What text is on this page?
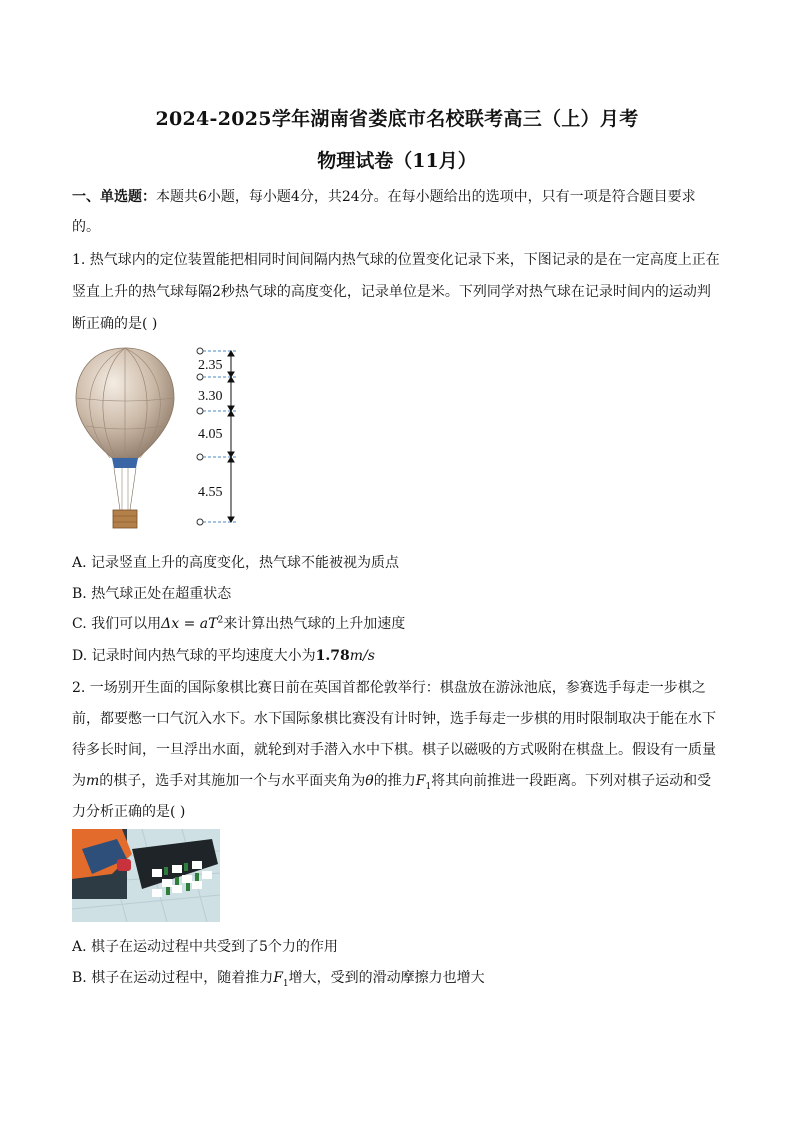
2024-2025学年湖南省娄底市名校联考高三（上）月考
物理试卷（11月）
一、单选题：本题共6小题，每小题4分，共24分。在每小题给出的选项中，只有一项是符合题目要求
的。
1. 热气球内的定位装置能把相同时间间隔内热气球的位置变化记录下来，下图记录的是在一定高度上正在
竖直上升的热气球每隔2秒热气球的高度变化，记录单位是米。下列同学对热气球在记录时间内的运动判
断正确的是( )
2.35
3.30
4.05
4.55
A. 记录竖直上升的高度变化，热气球不能被视为质点
B. 热气球正处在超重状态
C. 我们可以用$\Delta x = aT^2$来计算出热气球的上升加速度
D. 记录时间内热气球的平均速度大小为1.78m/s
2. 一场别开生面的国际象棋比赛日前在英国首都伦敦举行：棋盘放在游泳池底，参赛选手每走一步棋之
前，都要憋一口气沉入水下。水下国际象棋比赛没有计时钟，选手每走一步棋的用时限制取决于能在水下
待多长时间，一旦浮出水面，就轮到对手潜入水中下棋。棋子以磁吸的方式吸附在棋盘上。假设有一质量
为m的棋子，选手对其施加一个与水平面夹角为θ的推力$F_1$将其向前推进一段距离。下列对棋子运动和受
力分析正确的是( )
A. 棋子在运动过程中共受到了5个力的作用
B. 棋子在运动过程中，随着推力$F_1$增大，受到的滑动摩擦力也增大
